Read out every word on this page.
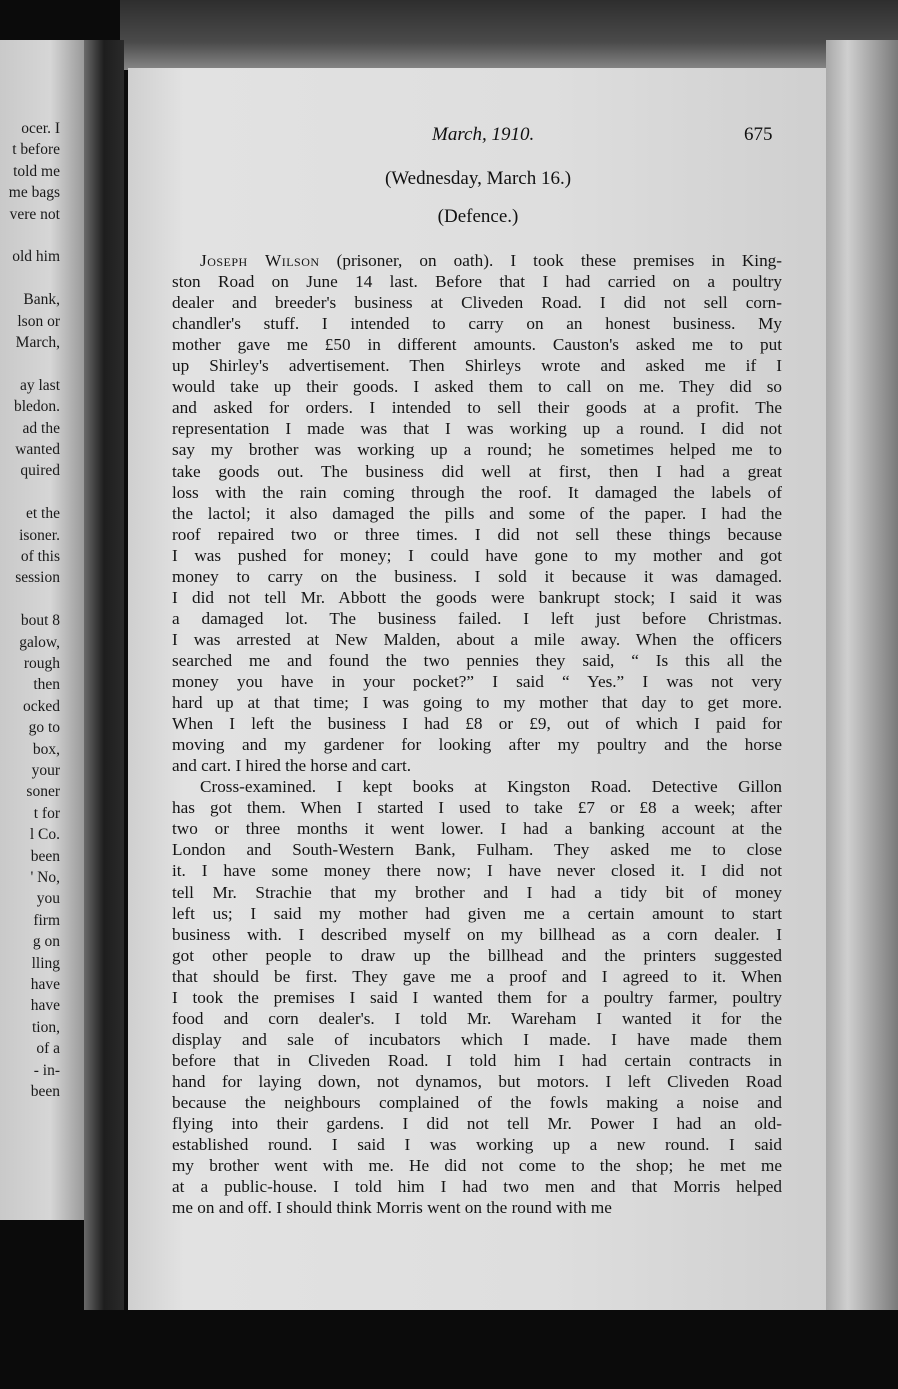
ocer. I
t before
told me
me bags
vere not
old him
Bank,
lson or
March,
ay last
bledon.
ad the
wanted
quired
et the
isoner.
of this
session
bout 8
galow,
rough
then
ocked
go to
box,
your
soner
t for
l Co.
been
' No,
you
firm
g on
lling
have
have
tion,
of a
- in-
been
March, 1910.	675
(Wednesday, March 16.)
(Defence.)
Joseph Wilson (prisoner, on oath). I took these premises in King-
ston Road on June 14 last. Before that I had carried on a poultry
dealer and breeder's business at Cliveden Road. I did not sell corn-
chandler's stuff. I intended to carry on an honest business. My
mother gave me £50 in different amounts. Causton's asked me to put
up Shirley's advertisement. Then Shirleys wrote and asked me if I
would take up their goods. I asked them to call on me. They did so
and asked for orders. I intended to sell their goods at a profit. The
representation I made was that I was working up a round. I did not
say my brother was working up a round; he sometimes helped me to
take goods out. The business did well at first, then I had a great
loss with the rain coming through the roof. It damaged the labels of
the lactol; it also damaged the pills and some of the paper. I had the
roof repaired two or three times. I did not sell these things because
I was pushed for money; I could have gone to my mother and got
money to carry on the business. I sold it because it was damaged.
I did not tell Mr. Abbott the goods were bankrupt stock; I said it was
a damaged lot. The business failed. I left just before Christmas.
I was arrested at New Malden, about a mile away. When the officers
searched me and found the two pennies they said, “ Is this all the
money you have in your pocket?” I said “ Yes.” I was not very
hard up at that time; I was going to my mother that day to get more.
When I left the business I had £8 or £9, out of which I paid for
moving and my gardener for looking after my poultry and the horse
and cart. I hired the horse and cart.
Cross-examined. I kept books at Kingston Road. Detective Gillon
has got them. When I started I used to take £7 or £8 a week; after
two or three months it went lower. I had a banking account at the
London and South-Western Bank, Fulham. They asked me to close
it. I have some money there now; I have never closed it. I did not
tell Mr. Strachie that my brother and I had a tidy bit of money
left us; I said my mother had given me a certain amount to start
business with. I described myself on my billhead as a corn dealer. I
got other people to draw up the billhead and the printers suggested
that should be first. They gave me a proof and I agreed to it. When
I took the premises I said I wanted them for a poultry farmer, poultry
food and corn dealer's. I told Mr. Wareham I wanted it for the
display and sale of incubators which I made. I have made them
before that in Cliveden Road. I told him I had certain contracts in
hand for laying down, not dynamos, but motors. I left Cliveden Road
because the neighbours complained of the fowls making a noise and
flying into their gardens. I did not tell Mr. Power I had an old-
established round. I said I was working up a new round. I said
my brother went with me. He did not come to the shop; he met me
at a public-house. I told him I had two men and that Morris helped
me on and off. I should think Morris went on the round with me
